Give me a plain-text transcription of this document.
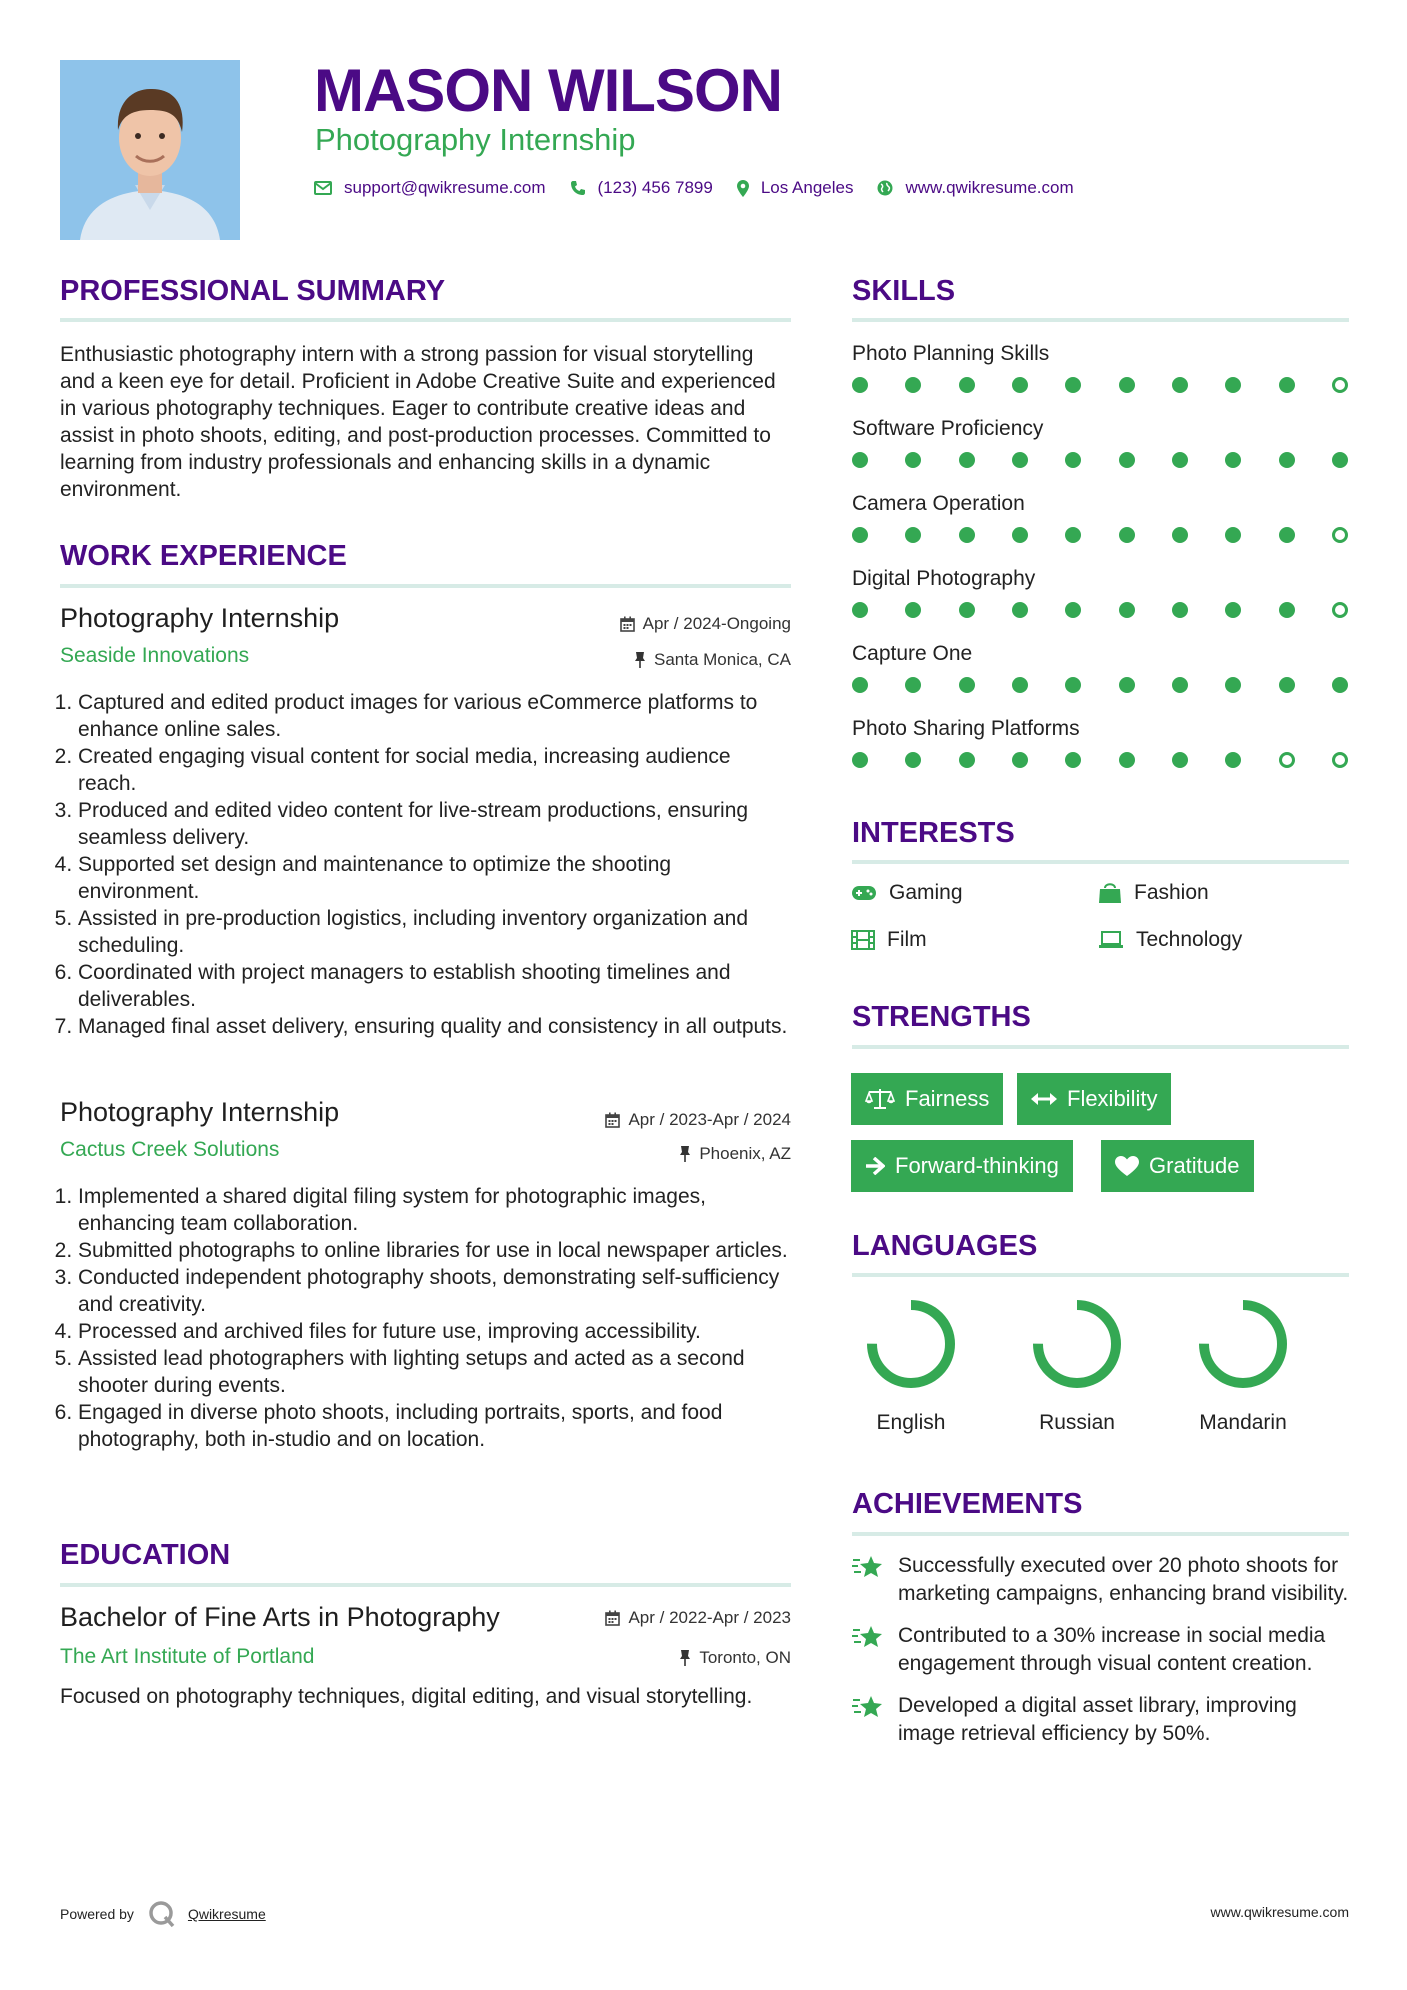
MASON WILSON
Photography Internship
support@qwikresume.com	(123) 456 7899	Los Angeles	www.qwikresume.com
PROFESSIONAL SUMMARY
Enthusiastic photography intern with a strong passion for visual storytelling and a keen eye for detail. Proficient in Adobe Creative Suite and experienced in various photography techniques. Eager to contribute creative ideas and assist in photo shoots, editing, and post-production processes. Committed to learning from industry professionals and enhancing skills in a dynamic environment.
WORK EXPERIENCE
Photography Internship	Apr / 2024-Ongoing
Seaside Innovations	Santa Monica, CA
1. Captured and edited product images for various eCommerce platforms to enhance online sales.
2. Created engaging visual content for social media, increasing audience reach.
3. Produced and edited video content for live-stream productions, ensuring seamless delivery.
4. Supported set design and maintenance to optimize the shooting environment.
5. Assisted in pre-production logistics, including inventory organization and scheduling.
6. Coordinated with project managers to establish shooting timelines and deliverables.
7. Managed final asset delivery, ensuring quality and consistency in all outputs.
Photography Internship	Apr / 2023-Apr / 2024
Cactus Creek Solutions	Phoenix, AZ
1. Implemented a shared digital filing system for photographic images, enhancing team collaboration.
2. Submitted photographs to online libraries for use in local newspaper articles.
3. Conducted independent photography shoots, demonstrating self-sufficiency and creativity.
4. Processed and archived files for future use, improving accessibility.
5. Assisted lead photographers with lighting setups and acted as a second shooter during events.
6. Engaged in diverse photo shoots, including portraits, sports, and food photography, both in-studio and on location.
EDUCATION
Bachelor of Fine Arts in Photography	Apr / 2022-Apr / 2023
The Art Institute of Portland	Toronto, ON
Focused on photography techniques, digital editing, and visual storytelling.
SKILLS
Photo Planning Skills
Software Proficiency
Camera Operation
Digital Photography
Capture One
Photo Sharing Platforms
INTERESTS
Gaming	Fashion
Film	Technology
STRENGTHS
Fairness	Flexibility
Forward-thinking	Gratitude
LANGUAGES
English	Russian	Mandarin
ACHIEVEMENTS
Successfully executed over 20 photo shoots for marketing campaigns, enhancing brand visibility.
Contributed to a 30% increase in social media engagement through visual content creation.
Developed a digital asset library, improving image retrieval efficiency by 50%.
Powered by	Qwikresume	www.qwikresume.com
